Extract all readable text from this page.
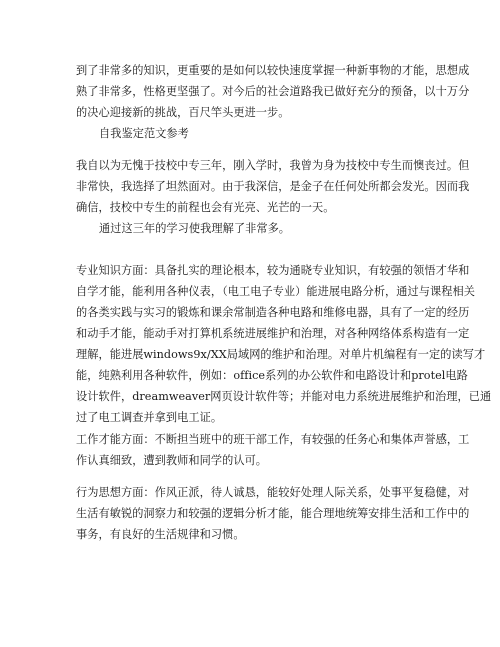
到了非常多的知识，更重要的是如何以较快速度掌握一种新事物的才能，思想成
熟了非常多，性格更坚强了。对今后的社会道路我已做好充分的预备，以十万分
的决心迎接新的挑战，百尺竿头更进一步。
自我鉴定范文参考
我自以为无愧于技校中专三年，刚入学时，我曾为身为技校中专生而懊丧过。但
非常快，我选择了坦然面对。由于我深信，是金子在任何处所都会发光。因而我
确信，技校中专生的前程也会有光亮、光芒的一天。
通过这三年的学习使我理解了非常多。
专业知识方面：具备扎实的理论根本，较为通晓专业知识，有较强的领悟才华和
自学才能，能利用各种仪表，（电工电子专业）能进展电路分析，通过与课程相关
的各类实践与实习的锻炼和课余常制造各种电路和维修电器，具有了一定的经历
和动手才能，能动手对打算机系统进展维护和治理，对各种网络体系构造有一定
理解，能进展windows9x/XX局域网的维护和治理。对单片机编程有一定的读写才
能，纯熟利用各种软件，例如：office系列的办公软件和电路设计和protel电路
设计软件，dreamweaver网页设计软件等；并能对电力系统进展维护和治理，已通
过了电工调查并拿到电工证。
工作才能方面：不断担当班中的班干部工作，有较强的任务心和集体声誉感，工
作认真细致，遭到教师和同学的认可。
行为思想方面：作风正派，待人诚恳，能较好处理人际关系，处事平复稳健，对
生活有敏锐的洞察力和较强的逻辑分析才能，能合理地统筹安排生活和工作中的
事务，有良好的生活规律和习惯。
